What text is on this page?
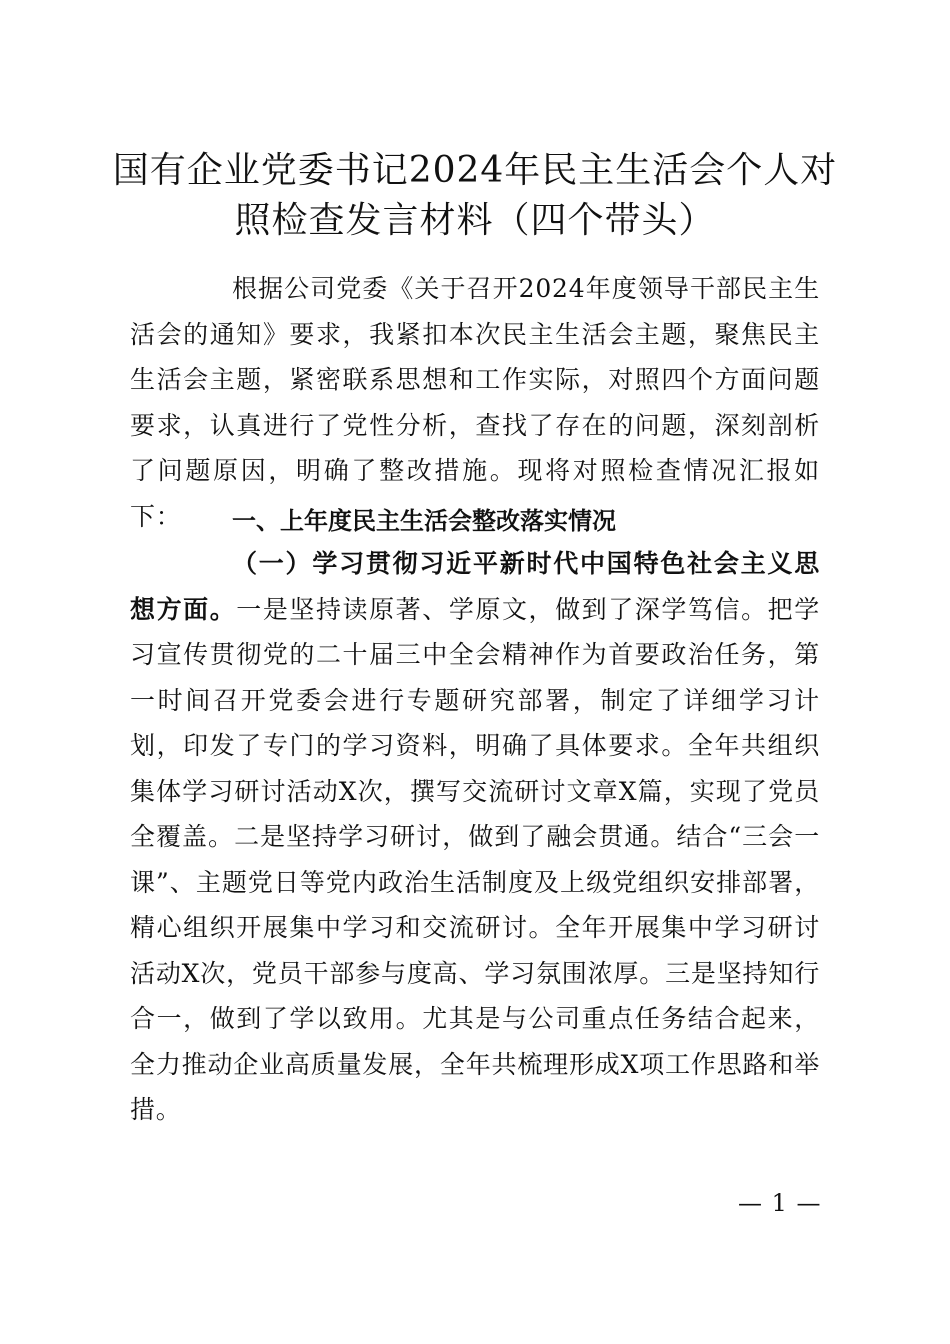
国有企业党委书记2024年民主生活会个人对照检查发言材料（四个带头）

根据公司党委《关于召开2024年度领导干部民主生活会的通知》要求，我紧扣本次民主生活会主题，聚焦民主生活会主题，紧密联系思想和工作实际，对照四个方面问题要求，认真进行了党性分析，查找了存在的问题，深刻剖析了问题原因，明确了整改措施。现将对照检查情况汇报如下：	一、上年度民主生活会整改落实情况

（一）学习贯彻习近平新时代中国特色社会主义思想方面。一是坚持读原著、学原文，做到了深学笃信。把学习宣传贯彻党的二十届三中全会精神作为首要政治任务，第一时间召开党委会进行专题研究部署，制定了详细学习计划，印发了专门的学习资料，明确了具体要求。全年共组织集体学习研讨活动X次，撰写交流研讨文章X篇，实现了党员全覆盖。二是坚持学习研讨，做到了融会贯通。结合“三会一课”、主题党日等党内政治生活制度及上级党组织安排部署，精心组织开展集中学习和交流研讨。全年开展集中学习研讨活动X次，党员干部参与度高、学习氛围浓厚。三是坚持知行合一，做到了学以致用。尤其是与公司重点任务结合起来，全力推动企业高质量发展，全年共梳理形成X项工作思路和举措。

— 1 —
